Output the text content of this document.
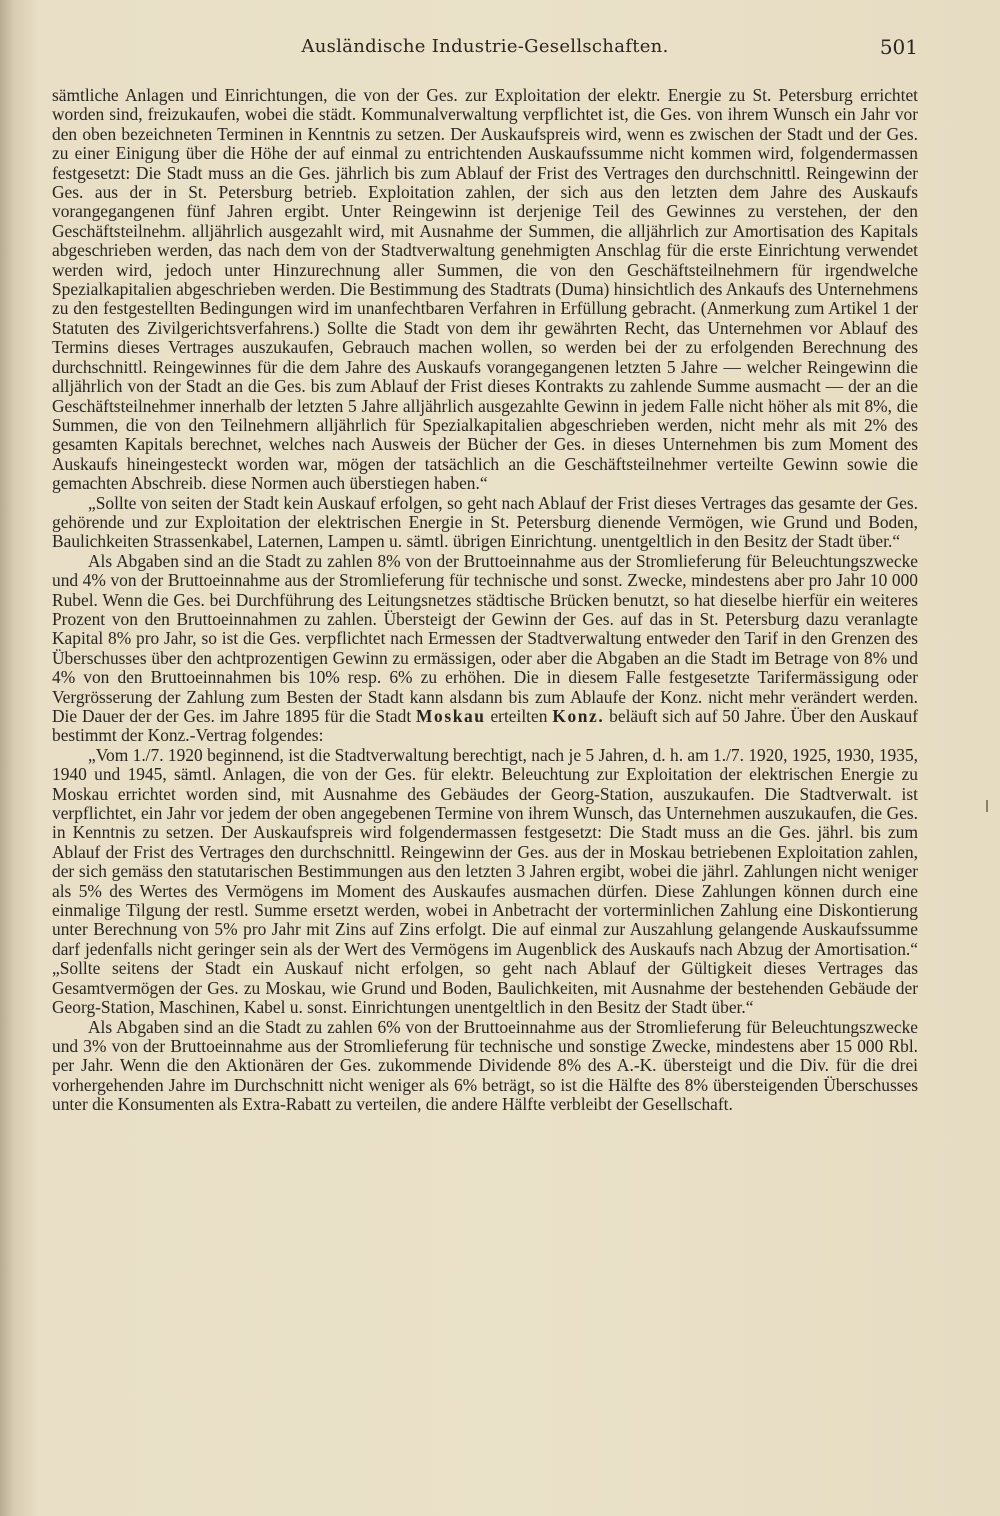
Ausländische Industrie-Gesellschaften.	501

sämtliche Anlagen und Einrichtungen, die von der Ges. zur Exploitation der elektr. Energie zu St. Petersburg errichtet worden sind, freizukaufen, wobei die städt. Kommunalverwaltung verpflichtet ist, die Ges. von ihrem Wunsch ein Jahr vor den oben bezeichneten Terminen in Kenntnis zu setzen. Der Auskaufspreis wird, wenn es zwischen der Stadt und der Ges. zu einer Einigung über die Höhe der auf einmal zu entrichtenden Auskaufssumme nicht kommen wird, folgendermassen festgesetzt: Die Stadt muss an die Ges. jährlich bis zum Ablauf der Frist des Vertrages den durchschnittl. Reingewinn der Ges. aus der in St. Petersburg betrieb. Exploitation zahlen, der sich aus den letzten dem Jahre des Auskaufs vorangegangenen fünf Jahren ergibt. Unter Reingewinn ist derjenige Teil des Gewinnes zu verstehen, der den Geschäftsteilnehm. alljährlich ausgezahlt wird, mit Ausnahme der Summen, die alljährlich zur Amortisation des Kapitals abgeschrieben werden, das nach dem von der Stadtverwaltung genehmigten Anschlag für die erste Einrichtung verwendet werden wird, jedoch unter Hinzurechnung aller Summen, die von den Geschäftsteilnehmern für irgendwelche Spezialkapitalien abgeschrieben werden. Die Bestimmung des Stadtrats (Duma) hinsichtlich des Ankaufs des Unternehmens zu den festgestellten Bedingungen wird im unanfechtbaren Verfahren in Erfüllung gebracht. (Anmerkung zum Artikel 1 der Statuten des Zivilgerichtsverfahrens.) Sollte die Stadt von dem ihr gewährten Recht, das Unternehmen vor Ablauf des Termins dieses Vertrages auszukaufen, Gebrauch machen wollen, so werden bei der zu erfolgenden Berechnung des durchschnittl. Reingewinnes für die dem Jahre des Auskaufs vorangegangenen letzten 5 Jahre — welcher Reingewinn die alljährlich von der Stadt an die Ges. bis zum Ablauf der Frist dieses Kontrakts zu zahlende Summe ausmacht — der an die Geschäftsteilnehmer innerhalb der letzten 5 Jahre alljährlich ausgezahlte Gewinn in jedem Falle nicht höher als mit 8%, die Summen, die von den Teilnehmern alljährlich für Spezialkapitalien abgeschrieben werden, nicht mehr als mit 2% des gesamten Kapitals berechnet, welches nach Ausweis der Bücher der Ges. in dieses Unternehmen bis zum Moment des Auskaufs hineingesteckt worden war, mögen der tatsächlich an die Geschäftsteilnehmer verteilte Gewinn sowie die gemachten Abschreib. diese Normen auch überstiegen haben.“

„Sollte von seiten der Stadt kein Auskauf erfolgen, so geht nach Ablauf der Frist dieses Vertrages das gesamte der Ges. gehörende und zur Exploitation der elektrischen Energie in St. Petersburg dienende Vermögen, wie Grund und Boden, Baulichkeiten Strassenkabel, Laternen, Lampen u. sämtl. übrigen Einrichtung. unentgeltlich in den Besitz der Stadt über.“

Als Abgaben sind an die Stadt zu zahlen 8% von der Bruttoeinnahme aus der Stromlieferung für Beleuchtungszwecke und 4% von der Bruttoeinnahme aus der Stromlieferung für technische und sonst. Zwecke, mindestens aber pro Jahr 10 000 Rubel. Wenn die Ges. bei Durchführung des Leitungsnetzes städtische Brücken benutzt, so hat dieselbe hierfür ein weiteres Prozent von den Bruttoeinnahmen zu zahlen. Übersteigt der Gewinn der Ges. auf das in St. Petersburg dazu veranlagte Kapital 8% pro Jahr, so ist die Ges. verpflichtet nach Ermessen der Stadtverwaltung entweder den Tarif in den Grenzen des Überschusses über den achtprozentigen Gewinn zu ermässigen, oder aber die Abgaben an die Stadt im Betrage von 8% und 4% von den Bruttoeinnahmen bis 10% resp. 6% zu erhöhen. Die in diesem Falle festgesetzte Tarifermässigung oder Vergrösserung der Zahlung zum Besten der Stadt kann alsdann bis zum Ablaufe der Konz. nicht mehr verändert werden. Die Dauer der der Ges. im Jahre 1895 für die Stadt Moskau erteilten Konz. beläuft sich auf 50 Jahre. Über den Auskauf bestimmt der Konz.-Vertrag folgendes:

„Vom 1./7. 1920 beginnend, ist die Stadtverwaltung berechtigt, nach je 5 Jahren, d. h. am 1./7. 1920, 1925, 1930, 1935, 1940 und 1945, sämtl. Anlagen, die von der Ges. für elektr. Beleuchtung zur Exploitation der elektrischen Energie zu Moskau errichtet worden sind, mit Ausnahme des Gebäudes der Georg-Station, auszukaufen. Die Stadtverwalt. ist verpflichtet, ein Jahr vor jedem der oben angegebenen Termine von ihrem Wunsch, das Unternehmen auszukaufen, die Ges. in Kenntnis zu setzen. Der Auskaufspreis wird folgendermassen festgesetzt: Die Stadt muss an die Ges. jährl. bis zum Ablauf der Frist des Vertrages den durchschnittl. Reingewinn der Ges. aus der in Moskau betriebenen Exploitation zahlen, der sich gemäss den statutarischen Bestimmungen aus den letzten 3 Jahren ergibt, wobei die jährl. Zahlungen nicht weniger als 5% des Wertes des Vermögens im Moment des Auskaufes ausmachen dürfen. Diese Zahlungen können durch eine einmalige Tilgung der restl. Summe ersetzt werden, wobei in Anbetracht der vorterminlichen Zahlung eine Diskontierung unter Berechnung von 5% pro Jahr mit Zins auf Zins erfolgt. Die auf einmal zur Auszahlung gelangende Auskaufssumme darf jedenfalls nicht geringer sein als der Wert des Vermögens im Augenblick des Auskaufs nach Abzug der Amortisation.“ „Sollte seitens der Stadt ein Auskauf nicht erfolgen, so geht nach Ablauf der Gültigkeit dieses Vertrages das Gesamtvermögen der Ges. zu Moskau, wie Grund und Boden, Baulichkeiten, mit Ausnahme der bestehenden Gebäude der Georg-Station, Maschinen, Kabel u. sonst. Einrichtungen unentgeltlich in den Besitz der Stadt über.“

Als Abgaben sind an die Stadt zu zahlen 6% von der Bruttoeinnahme aus der Stromlieferung für Beleuchtungszwecke und 3% von der Bruttoeinnahme aus der Stromlieferung für technische und sonstige Zwecke, mindestens aber 15 000 Rbl. per Jahr. Wenn die den Aktionären der Ges. zukommende Dividende 8% des A.-K. übersteigt und die Div. für die drei vorhergehenden Jahre im Durchschnitt nicht weniger als 6% beträgt, so ist die Hälfte des 8% übersteigenden Überschusses unter die Konsumenten als Extra-Rabatt zu verteilen, die andere Hälfte verbleibt der Gesellschaft.
